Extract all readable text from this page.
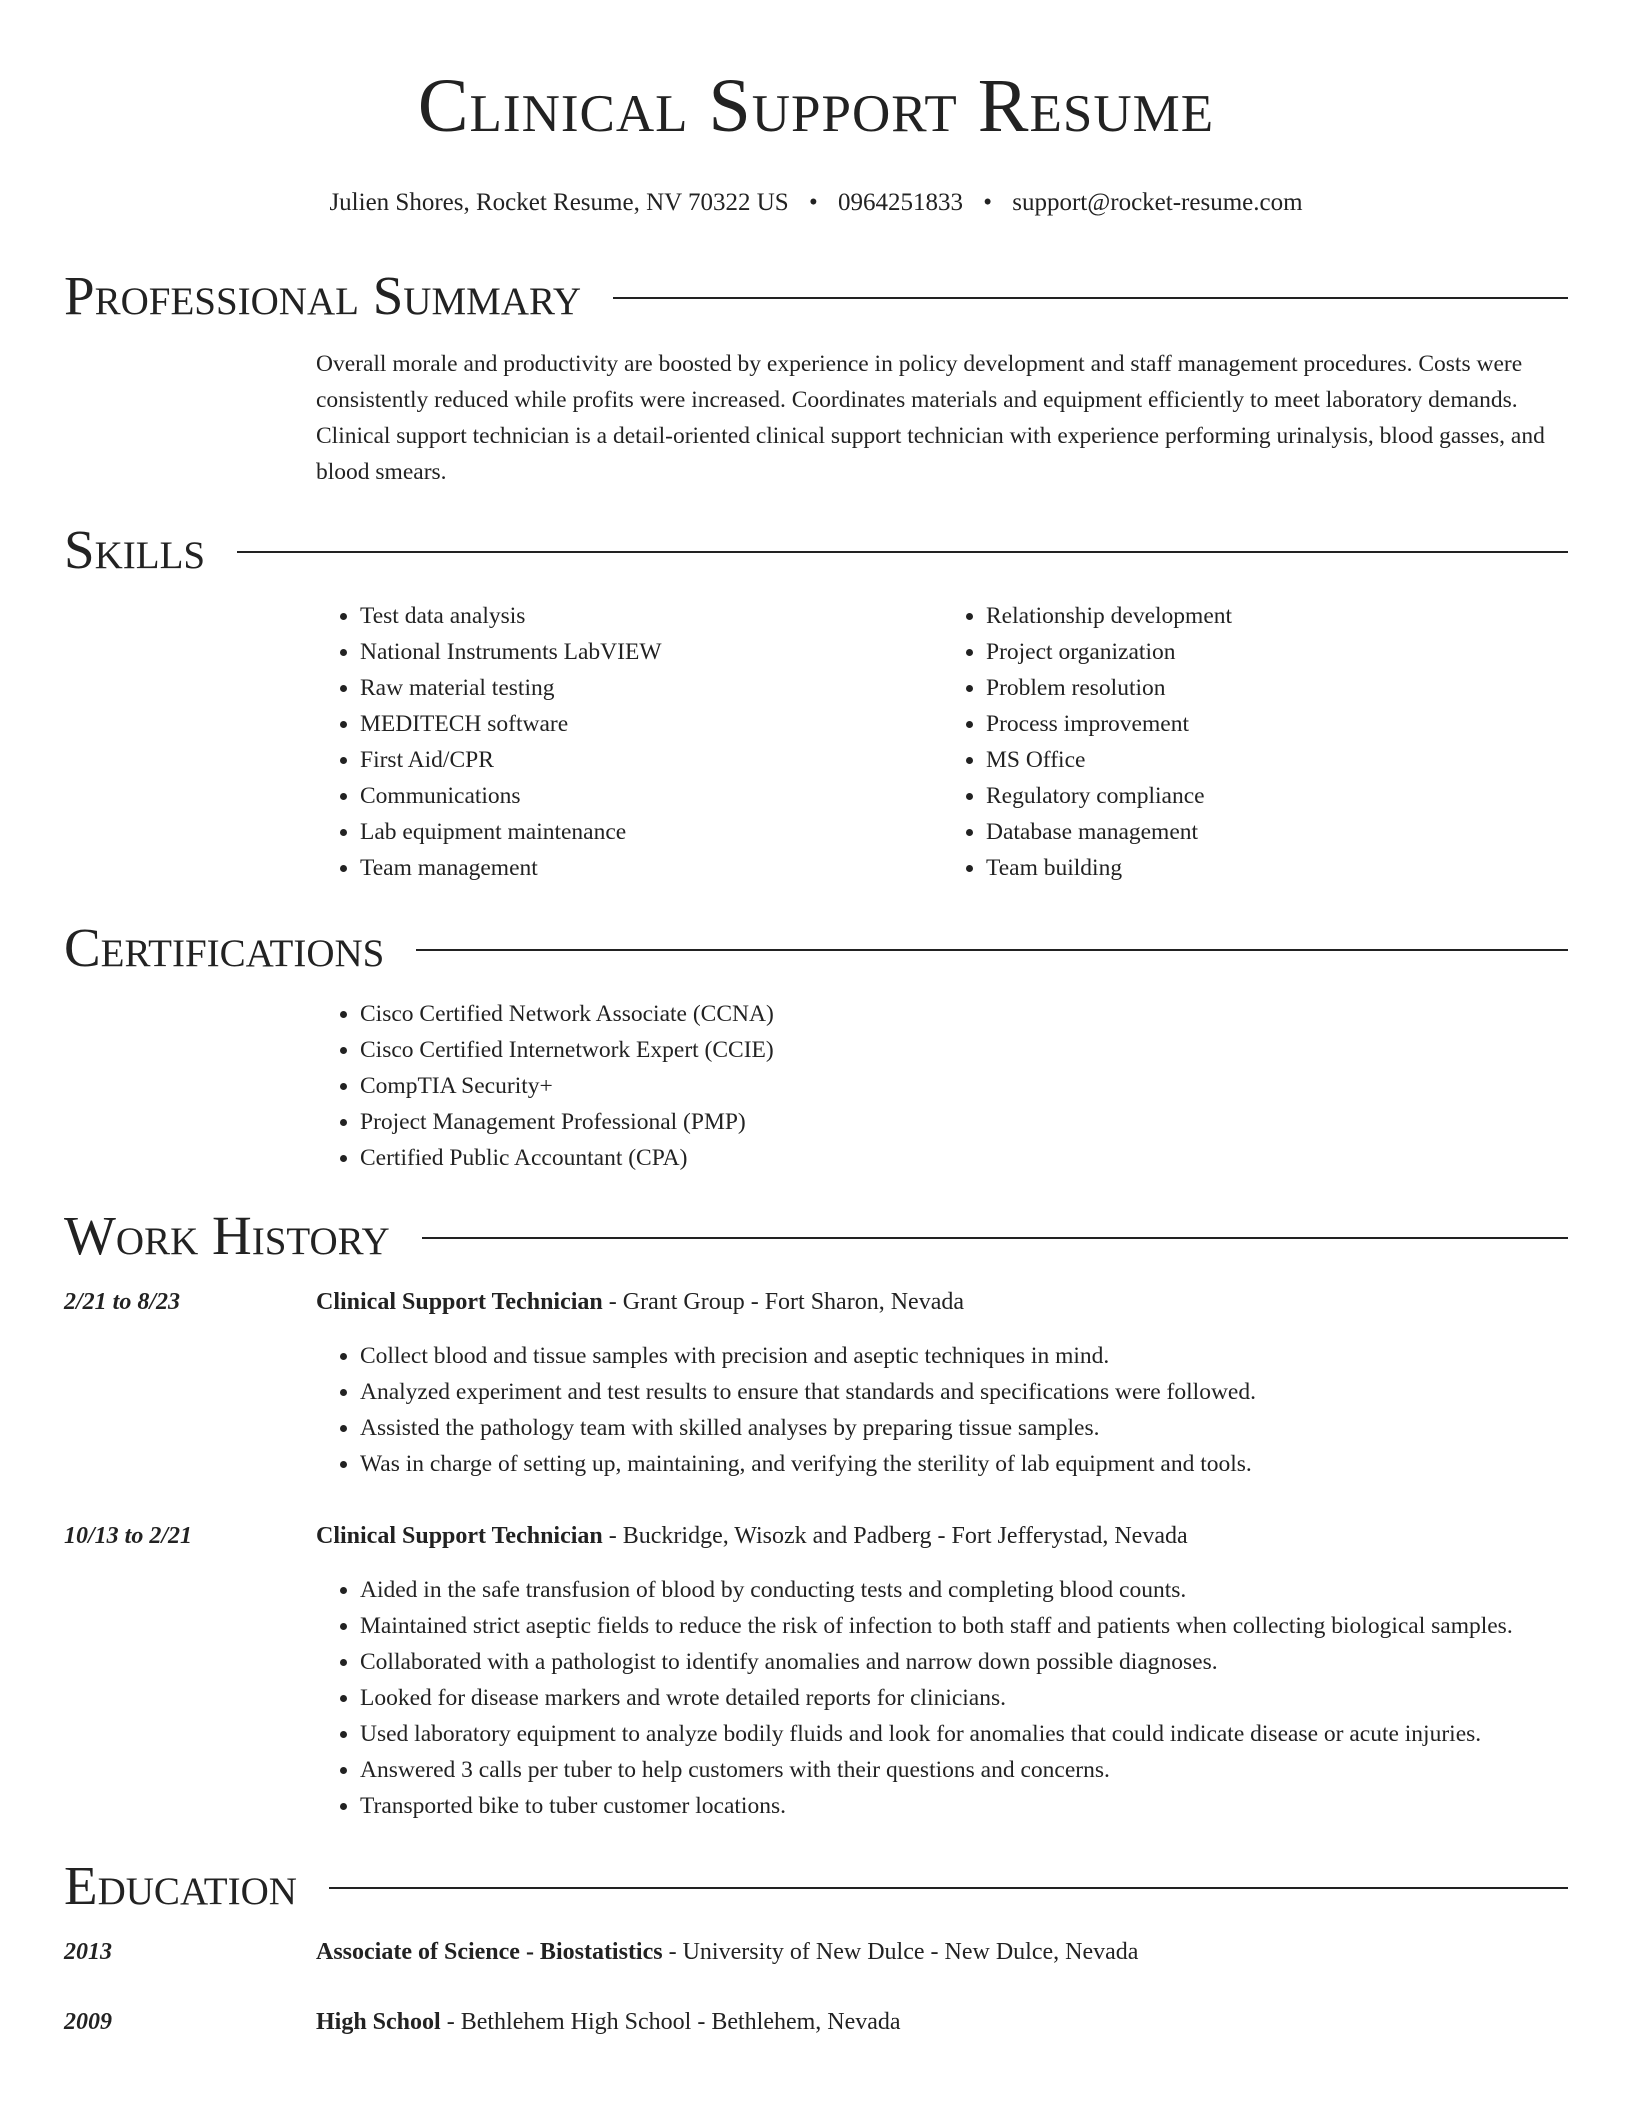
Clinical Support Resume
Julien Shores, Rocket Resume, NV 70322 US • 0964251833 • support@rocket-resume.com
Professional Summary
Overall morale and productivity are boosted by experience in policy development and staff management procedures. Costs were consistently reduced while profits were increased. Coordinates materials and equipment efficiently to meet laboratory demands. Clinical support technician is a detail-oriented clinical support technician with experience performing urinalysis, blood gasses, and blood smears.
Skills
• Test data analysis
• National Instruments LabVIEW
• Raw material testing
• MEDITECH software
• First Aid/CPR
• Communications
• Lab equipment maintenance
• Team management
• Relationship development
• Project organization
• Problem resolution
• Process improvement
• MS Office
• Regulatory compliance
• Database management
• Team building
Certifications
• Cisco Certified Network Associate (CCNA)
• Cisco Certified Internetwork Expert (CCIE)
• CompTIA Security+
• Project Management Professional (PMP)
• Certified Public Accountant (CPA)
Work History
2/21 to 8/23	Clinical Support Technician - Grant Group - Fort Sharon, Nevada
• Collect blood and tissue samples with precision and aseptic techniques in mind.
• Analyzed experiment and test results to ensure that standards and specifications were followed.
• Assisted the pathology team with skilled analyses by preparing tissue samples.
• Was in charge of setting up, maintaining, and verifying the sterility of lab equipment and tools.
10/13 to 2/21	Clinical Support Technician - Buckridge, Wisozk and Padberg - Fort Jefferystad, Nevada
• Aided in the safe transfusion of blood by conducting tests and completing blood counts.
• Maintained strict aseptic fields to reduce the risk of infection to both staff and patients when collecting biological samples.
• Collaborated with a pathologist to identify anomalies and narrow down possible diagnoses.
• Looked for disease markers and wrote detailed reports for clinicians.
• Used laboratory equipment to analyze bodily fluids and look for anomalies that could indicate disease or acute injuries.
• Answered 3 calls per tuber to help customers with their questions and concerns.
• Transported bike to tuber customer locations.
Education
2013	Associate of Science - Biostatistics - University of New Dulce - New Dulce, Nevada
2009	High School - Bethlehem High School - Bethlehem, Nevada
